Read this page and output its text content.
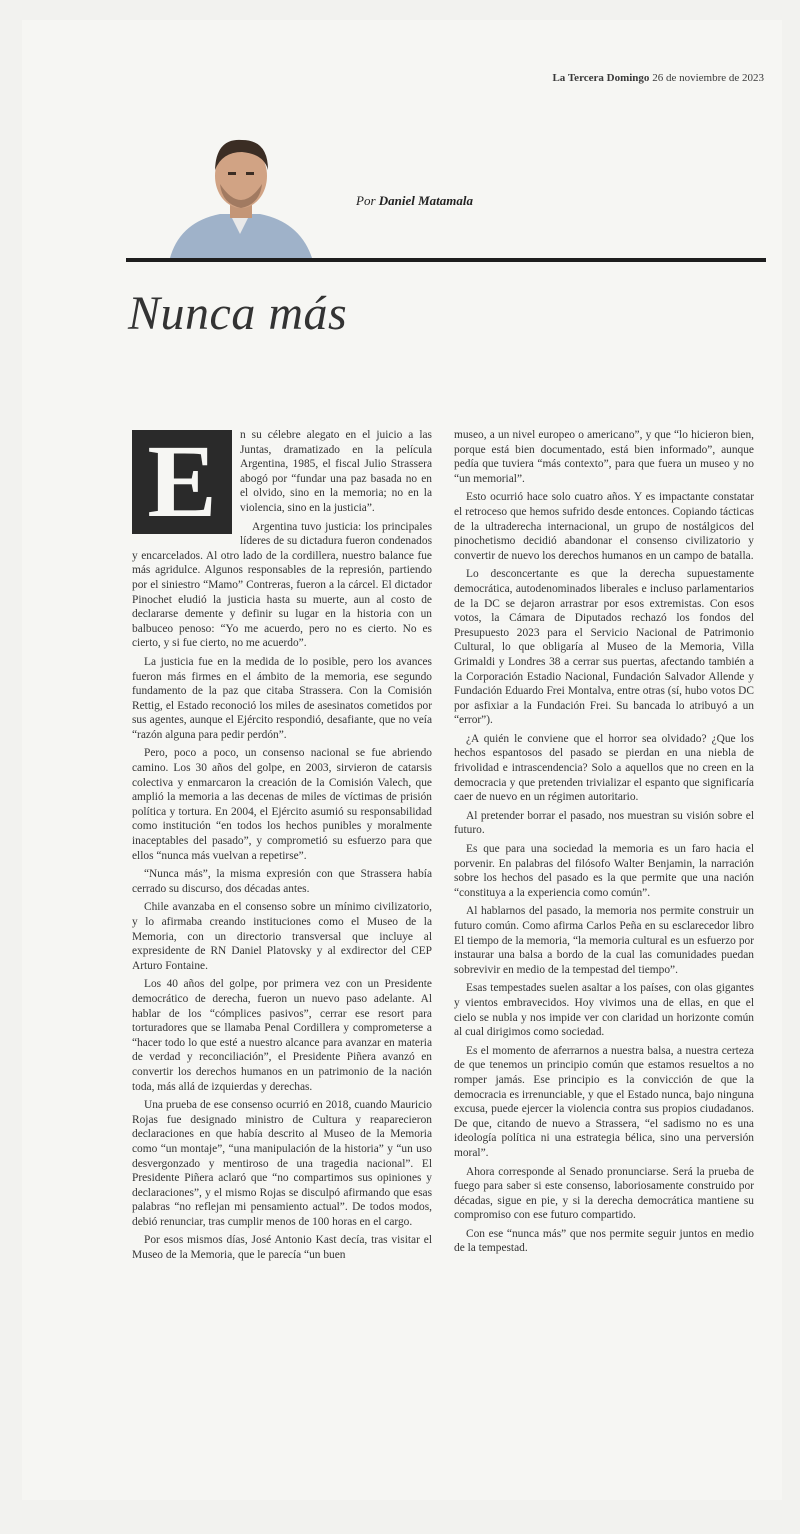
La Tercera Domingo 26 de noviembre de 2023
Por Daniel Matamala
Nunca más
E	n su célebre alegato en el juicio a las Juntas, dramatizado en la película Argentina, 1985, el fiscal Julio Strassera abogó por “fundar una paz basada no en el olvido, sino en la memoria; no en la violencia, sino en la justicia”.

Argentina tuvo justicia: los principales líderes de su dictadura fueron condenados y encarcelados. Al otro lado de la cordillera, nuestro balance fue más agridulce. Algunos responsables de la represión, partiendo por el siniestro “Mamo” Contreras, fueron a la cárcel. El dictador Pinochet eludió la justicia hasta su muerte, aun al costo de declararse demente y definir su lugar en la historia con un balbuceo penoso: “Yo me acuerdo, pero no es cierto. No es cierto, y si fue cierto, no me acuerdo”.

La justicia fue en la medida de lo posible, pero los avances fueron más firmes en el ámbito de la memoria, ese segundo fundamento de la paz que citaba Strassera. Con la Comisión Rettig, el Estado reconoció los miles de asesinatos cometidos por sus agentes, aunque el Ejército respondió, desafiante, que no veía “razón alguna para pedir perdón”.

Pero, poco a poco, un consenso nacional se fue abriendo camino. Los 30 años del golpe, en 2003, sirvieron de catarsis colectiva y enmarcaron la creación de la Comisión Valech, que amplió la memoria a las decenas de miles de víctimas de prisión política y tortura. En 2004, el Ejército asumió su responsabilidad como institución “en todos los hechos punibles y moralmente inaceptables del pasado”, y comprometió su esfuerzo para que ellos “nunca más vuelvan a repetirse”.

“Nunca más”, la misma expresión con que Strassera había cerrado su discurso, dos décadas antes.

Chile avanzaba en el consenso sobre un mínimo civilizatorio, y lo afirmaba creando instituciones como el Museo de la Memoria, con un directorio transversal que incluye al expresidente de RN Daniel Platovsky y al exdirector del CEP Arturo Fontaine.

Los 40 años del golpe, por primera vez con un Presidente democrático de derecha, fueron un nuevo paso adelante. Al hablar de los “cómplices pasivos”, cerrar ese resort para torturadores que se llamaba Penal Cordillera y comprometerse a “hacer todo lo que esté a nuestro alcance para avanzar en materia de verdad y reconciliación”, el Presidente Piñera avanzó en convertir los derechos humanos en un patrimonio de la nación toda, más allá de izquierdas y derechas.

Una prueba de ese consenso ocurrió en 2018, cuando Mauricio Rojas fue designado ministro de Cultura y reaparecieron declaraciones en que había descrito al Museo de la Memoria como “un montaje”, “una manipulación de la historia” y “un uso desvergonzado y mentiroso de una tragedia nacional”. El Presidente Piñera aclaró que “no compartimos sus opiniones y declaraciones”, y el mismo Rojas se disculpó afirmando que esas palabras “no reflejan mi pensamiento actual”. De todos modos, debió renunciar, tras cumplir menos de 100 horas en el cargo.

Por esos mismos días, José Antonio Kast decía, tras visitar el Museo de la Memoria, que le parecía “un buen

museo, a un nivel europeo o americano”, y que “lo hicieron bien, porque está bien documentado, está bien informado”, aunque pedía que tuviera “más contexto”, para que fuera un museo y no “un memorial”.

Esto ocurrió hace solo cuatro años. Y es impactante constatar el retroceso que hemos sufrido desde entonces. Copiando tácticas de la ultraderecha internacional, un grupo de nostálgicos del pinochetismo decidió abandonar el consenso civilizatorio y convertir de nuevo los derechos humanos en un campo de batalla.

Lo desconcertante es que la derecha supuestamente democrática, autodenominados liberales e incluso parlamentarios de la DC se dejaron arrastrar por esos extremistas. Con esos votos, la Cámara de Diputados rechazó los fondos del Presupuesto 2023 para el Servicio Nacional de Patrimonio Cultural, lo que obligaría al Museo de la Memoria, Villa Grimaldi y Londres 38 a cerrar sus puertas, afectando también a la Corporación Estadio Nacional, Fundación Salvador Allende y Fundación Eduardo Frei Montalva, entre otras (sí, hubo votos DC por asfixiar a la Fundación Frei. Su bancada lo atribuyó a un “error”).

¿A quién le conviene que el horror sea olvidado? ¿Que los hechos espantosos del pasado se pierdan en una niebla de frivolidad e intrascendencia? Solo a aquellos que no creen en la democracia y que pretenden trivializar el espanto que significaría caer de nuevo en un régimen autoritario.

Al pretender borrar el pasado, nos muestran su visión sobre el futuro.

Es que para una sociedad la memoria es un faro hacia el porvenir. En palabras del filósofo Walter Benjamin, la narración sobre los hechos del pasado es la que permite que una nación “constituya a la experiencia como común”.

Al hablarnos del pasado, la memoria nos permite construir un futuro común. Como afirma Carlos Peña en su esclarecedor libro El tiempo de la memoria, “la memoria cultural es un esfuerzo por instaurar una balsa a bordo de la cual las comunidades puedan sobrevivir en medio de la tempestad del tiempo”.

Esas tempestades suelen asaltar a los países, con olas gigantes y vientos embravecidos. Hoy vivimos una de ellas, en que el cielo se nubla y nos impide ver con claridad un horizonte común al cual dirigimos como sociedad.

Es el momento de aferrarnos a nuestra balsa, a nuestra certeza de que tenemos un principio común que estamos resueltos a no romper jamás. Ese principio es la convicción de que la democracia es irrenunciable, y que el Estado nunca, bajo ninguna excusa, puede ejercer la violencia contra sus propios ciudadanos. De que, citando de nuevo a Strassera, “el sadismo no es una ideología política ni una estrategia bélica, sino una perversión moral”.

Ahora corresponde al Senado pronunciarse. Será la prueba de fuego para saber si este consenso, laboriosamente construido por décadas, sigue en pie, y si la derecha democrática mantiene su compromiso con ese futuro compartido.

Con ese “nunca más” que nos permite seguir juntos en medio de la tempestad.
